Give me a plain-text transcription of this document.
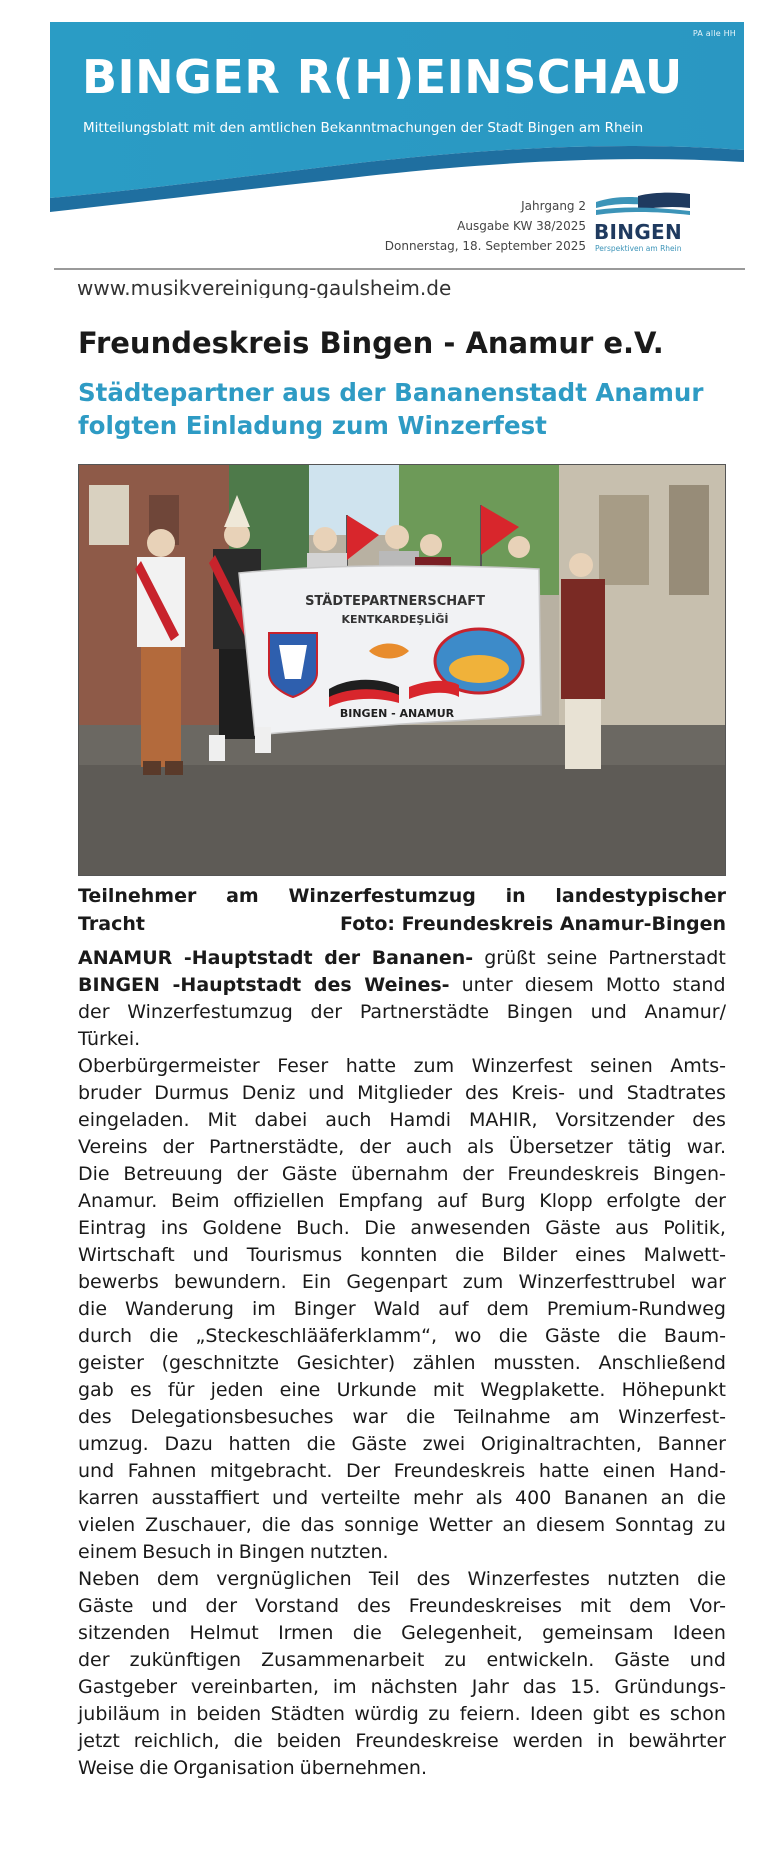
PA alle HH
BINGER R(H)EINSCHAU
Mitteilungsblatt mit den amtlichen Bekanntmachungen der Stadt Bingen am Rhein
Jahrgang 2
Ausgabe KW 38/2025
Donnerstag, 18. September 2025
BINGEN
Perspektiven am Rhein
www.musikvereinigung-gaulsheim.de
Freundeskreis Bingen - Anamur e.V.
Städtepartner aus der Bananenstadt Anamur
folgten Einladung zum Winzerfest
STÄDTEPARTNERSCHAFT
KENTKARDEŞLİĞİ
BINGEN - ANAMUR
Teilnehmer am Winzerfestumzug in landestypischer
Tracht	Foto: Freundeskreis Anamur-Bingen
ANAMUR -Hauptstadt der Bananen- grüßt seine Partnerstadt
BINGEN -Hauptstadt des Weines- unter diesem Motto stand
der Winzerfestumzug der Partnerstädte Bingen und Anamur/
Türkei.
Oberbürgermeister Feser hatte zum Winzerfest seinen Amts-
bruder Durmus Deniz und Mitglieder des Kreis- und Stadtrates
eingeladen. Mit dabei auch Hamdi MAHIR, Vorsitzender des
Vereins der Partnerstädte, der auch als Übersetzer tätig war.
Die Betreuung der Gäste übernahm der Freundeskreis Bingen-
Anamur. Beim offiziellen Empfang auf Burg Klopp erfolgte der
Eintrag ins Goldene Buch. Die anwesenden Gäste aus Politik,
Wirtschaft und Tourismus konnten die Bilder eines Malwett-
bewerbs bewundern. Ein Gegenpart zum Winzerfesttrubel war
die Wanderung im Binger Wald auf dem Premium-Rundweg
durch die „Steckeschlääferklamm“, wo die Gäste die Baum-
geister (geschnitzte Gesichter) zählen mussten. Anschließend
gab es für jeden eine Urkunde mit Wegplakette. Höhepunkt
des Delegationsbesuches war die Teilnahme am Winzerfest-
umzug. Dazu hatten die Gäste zwei Originaltrachten, Banner
und Fahnen mitgebracht. Der Freundeskreis hatte einen Hand-
karren ausstaffiert und verteilte mehr als 400 Bananen an die
vielen Zuschauer, die das sonnige Wetter an diesem Sonntag zu
einem Besuch in Bingen nutzten.
Neben dem vergnüglichen Teil des Winzerfestes nutzten die
Gäste und der Vorstand des Freundeskreises mit dem Vor-
sitzenden Helmut Irmen die Gelegenheit, gemeinsam Ideen
der zukünftigen Zusammenarbeit zu entwickeln. Gäste und
Gastgeber vereinbarten, im nächsten Jahr das 15. Gründungs-
jubiläum in beiden Städten würdig zu feiern. Ideen gibt es schon
jetzt reichlich, die beiden Freundeskreise werden in bewährter
Weise die Organisation übernehmen.
